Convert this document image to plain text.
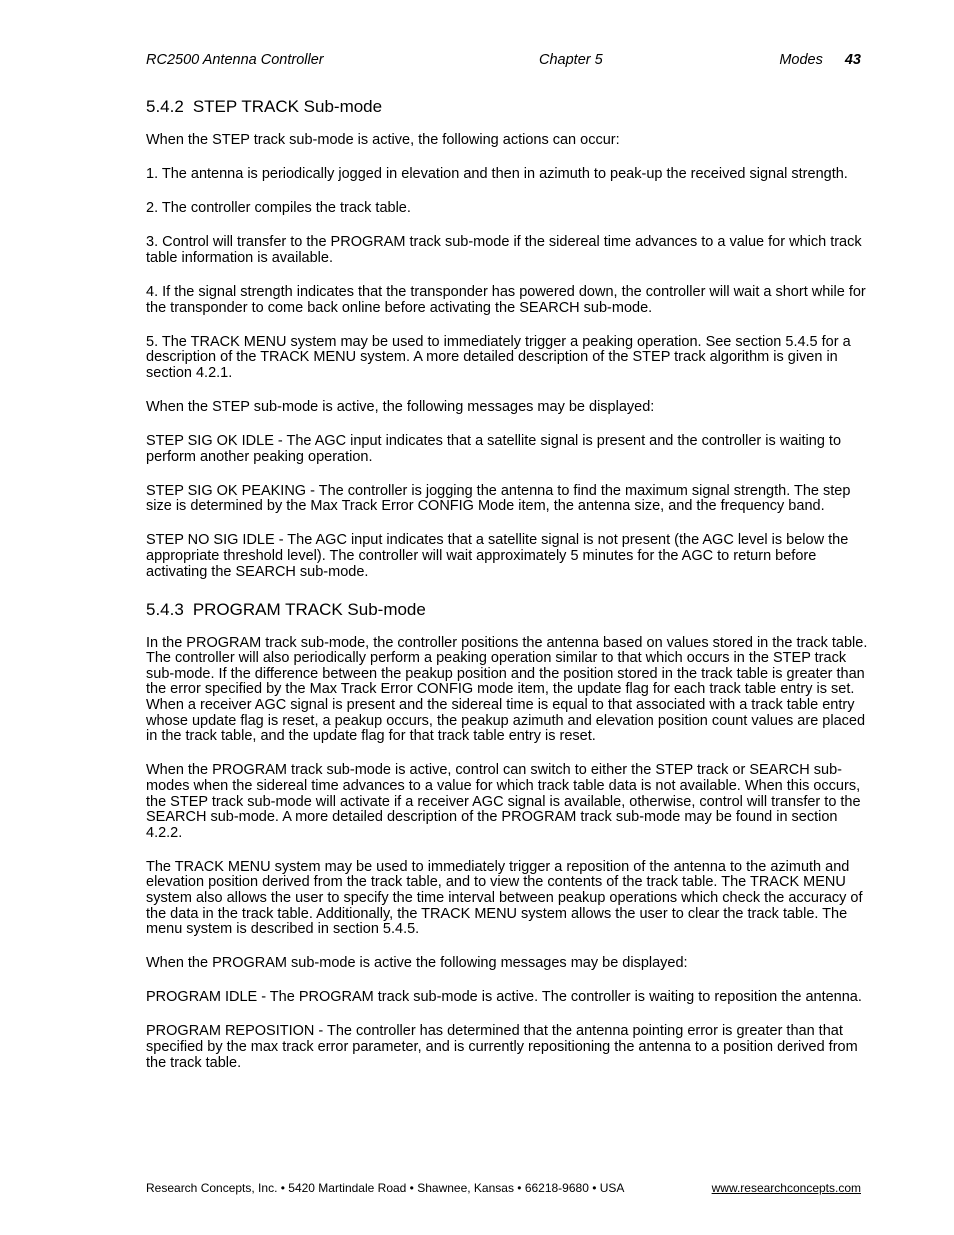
RC2500 Antenna Controller	Chapter 5	Modes 43
5.4.2 STEP TRACK Sub-mode

When the STEP track sub-mode is active, the following actions can occur:

1. The antenna is periodically jogged in elevation and then in azimuth to peak-up the received signal strength.

2. The controller compiles the track table.

3. Control will transfer to the PROGRAM track sub-mode if the sidereal time advances to a value for which track table information is available.

4. If the signal strength indicates that the transponder has powered down, the controller will wait a short while for the transponder to come back online before activating the SEARCH sub-mode.

5. The TRACK MENU system may be used to immediately trigger a peaking operation. See section 5.4.5 for a description of the TRACK MENU system. A more detailed description of the STEP track algorithm is given in section 4.2.1.

When the STEP sub-mode is active, the following messages may be displayed:

STEP SIG OK IDLE - The AGC input indicates that a satellite signal is present and the controller is waiting to perform another peaking operation.

STEP SIG OK PEAKING - The controller is jogging the antenna to find the maximum signal strength. The step size is determined by the Max Track Error CONFIG Mode item, the antenna size, and the frequency band.

STEP NO SIG IDLE - The AGC input indicates that a satellite signal is not present (the AGC level is below the appropriate threshold level). The controller will wait approximately 5 minutes for the AGC to return before activating the SEARCH sub-mode.

5.4.3 PROGRAM TRACK Sub-mode

In the PROGRAM track sub-mode, the controller positions the antenna based on values stored in the track table. The controller will also periodically perform a peaking operation similar to that which occurs in the STEP track sub-mode. If the difference between the peakup position and the position stored in the track table is greater than the error specified by the Max Track Error CONFIG mode item, the update flag for each track table entry is set. When a receiver AGC signal is present and the sidereal time is equal to that associated with a track table entry whose update flag is reset, a peakup occurs, the peakup azimuth and elevation position count values are placed in the track table, and the update flag for that track table entry is reset.

When the PROGRAM track sub-mode is active, control can switch to either the STEP track or SEARCH sub-modes when the sidereal time advances to a value for which track table data is not available. When this occurs, the STEP track sub-mode will activate if a receiver AGC signal is available, otherwise, control will transfer to the SEARCH sub-mode. A more detailed description of the PROGRAM track sub-mode may be found in section 4.2.2.

The TRACK MENU system may be used to immediately trigger a reposition of the antenna to the azimuth and elevation position derived from the track table, and to view the contents of the track table. The TRACK MENU system also allows the user to specify the time interval between peakup operations which check the accuracy of the data in the track table. Additionally, the TRACK MENU system allows the user to clear the track table. The menu system is described in section 5.4.5.

When the PROGRAM sub-mode is active the following messages may be displayed:

PROGRAM IDLE - The PROGRAM track sub-mode is active. The controller is waiting to reposition the antenna.

PROGRAM REPOSITION - The controller has determined that the antenna pointing error is greater than that specified by the max track error parameter, and is currently repositioning the antenna to a position derived from the track table.

Research Concepts, Inc. • 5420 Martindale Road • Shawnee, Kansas • 66218-9680 • USA	www.researchconcepts.com
